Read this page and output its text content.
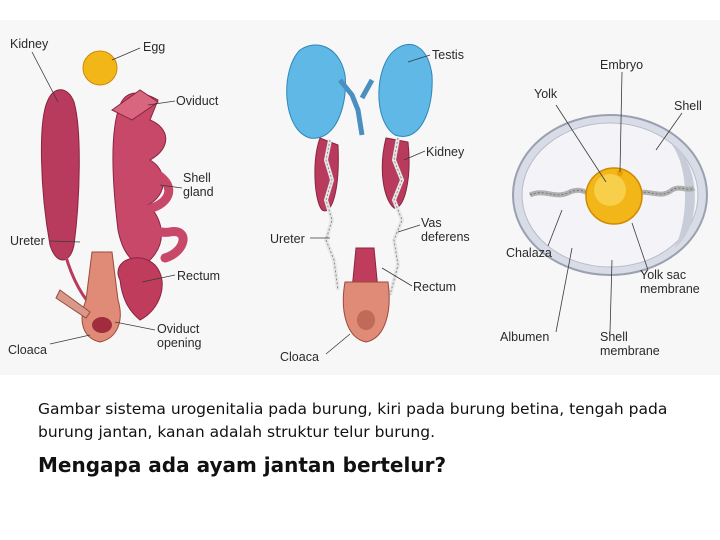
Kidney	Egg
Oviduct
Shell
gland
Ureter
Rectum
Oviduct
opening
Cloaca
Testis
Kidney
Vas
deferens
Ureter
Rectum
Cloaca
Embryo
Yolk
Shell
Chalaza
Yolk sac
membrane
Albumen	Shell
membrane
Gambar sistema urogenitalia pada burung, kiri pada burung betina, tengah pada burung jantan, kanan adalah struktur telur burung.
Mengapa ada ayam jantan bertelur?
